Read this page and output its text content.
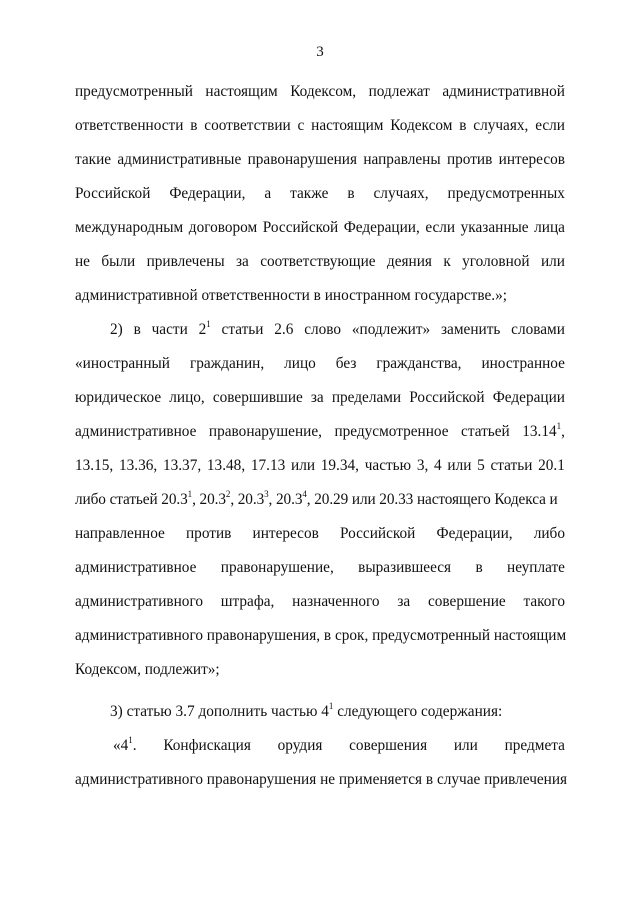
3
предусмотренный настоящим Кодексом, подлежат административной
ответственности в соответствии с настоящим Кодексом в случаях, если
такие административные правонарушения направлены против интересов
Российской Федерации, а также в случаях, предусмотренных
международным договором Российской Федерации, если указанные лица
не были привлечены за соответствующие деяния к уголовной или
административной ответственности в иностранном государстве.»;
2) в части $2^1$ статьи 2.6 слово «подлежит» заменить словами
«иностранный гражданин, лицо без гражданства, иностранное
юридическое лицо, совершившие за пределами Российской Федерации
административное правонарушение, предусмотренное статьей 13.14$^1$,
13.15, 13.36, 13.37, 13.48, 17.13 или 19.34, частью 3, 4 или 5 статьи 20.1
либо статьей 20.3$^1$, 20.3$^2$, 20.3$^3$, 20.3$^4$, 20.29 или 20.33 настоящего Кодекса и
направленное против интересов Российской Федерации, либо
административное правонарушение, выразившееся в неуплате
административного штрафа, назначенного за совершение такого
административного правонарушения, в срок, предусмотренный настоящим
Кодексом, подлежит»;
3) статью 3.7 дополнить частью $4^1$ следующего содержания:
«$4^1$. Конфискация орудия совершения или предмета
административного правонарушения не применяется в случае привлечения
